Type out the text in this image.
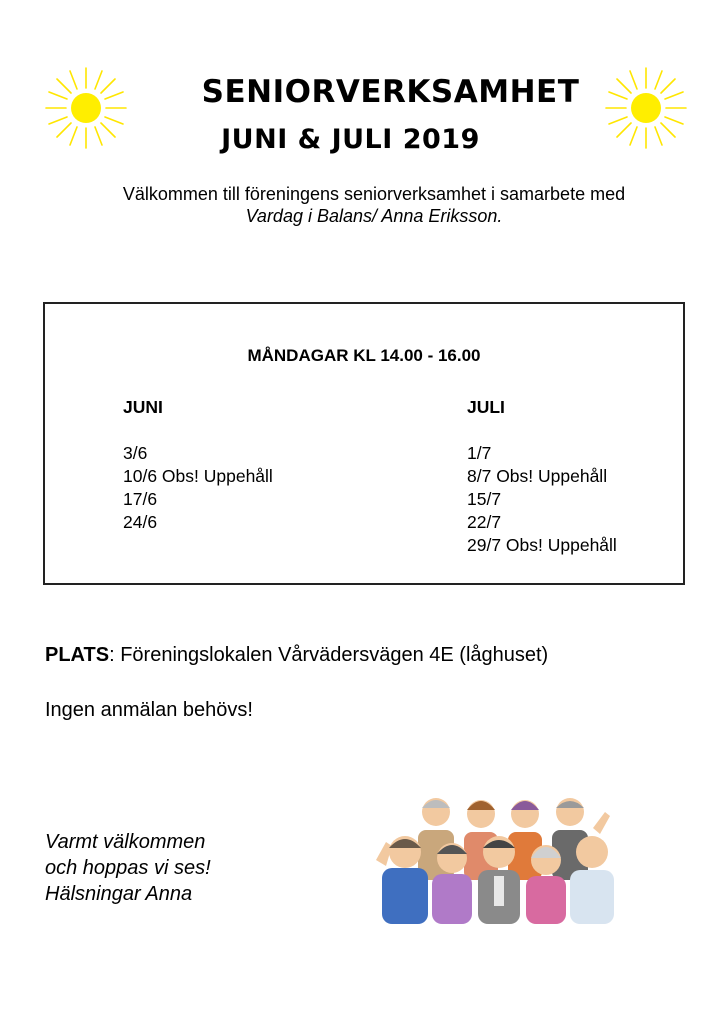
SENIORVERKSAMHET
JUNI & JULI 2019
Välkommen till föreningens seniorverksamhet i samarbete med
Vardag i Balans/ Anna Eriksson.
MÅNDAGAR KL 14.00 - 16.00
JUNI
3/6
10/6 Obs! Uppehåll
17/6
24/6
JULI
1/7
8/7 Obs! Uppehåll
15/7
22/7
29/7 Obs! Uppehåll
PLATS: Föreningslokalen Vårvädersvägen 4E (låghuset)
Ingen anmälan behövs!
Varmt välkommen
och hoppas vi ses!
Hälsningar Anna
